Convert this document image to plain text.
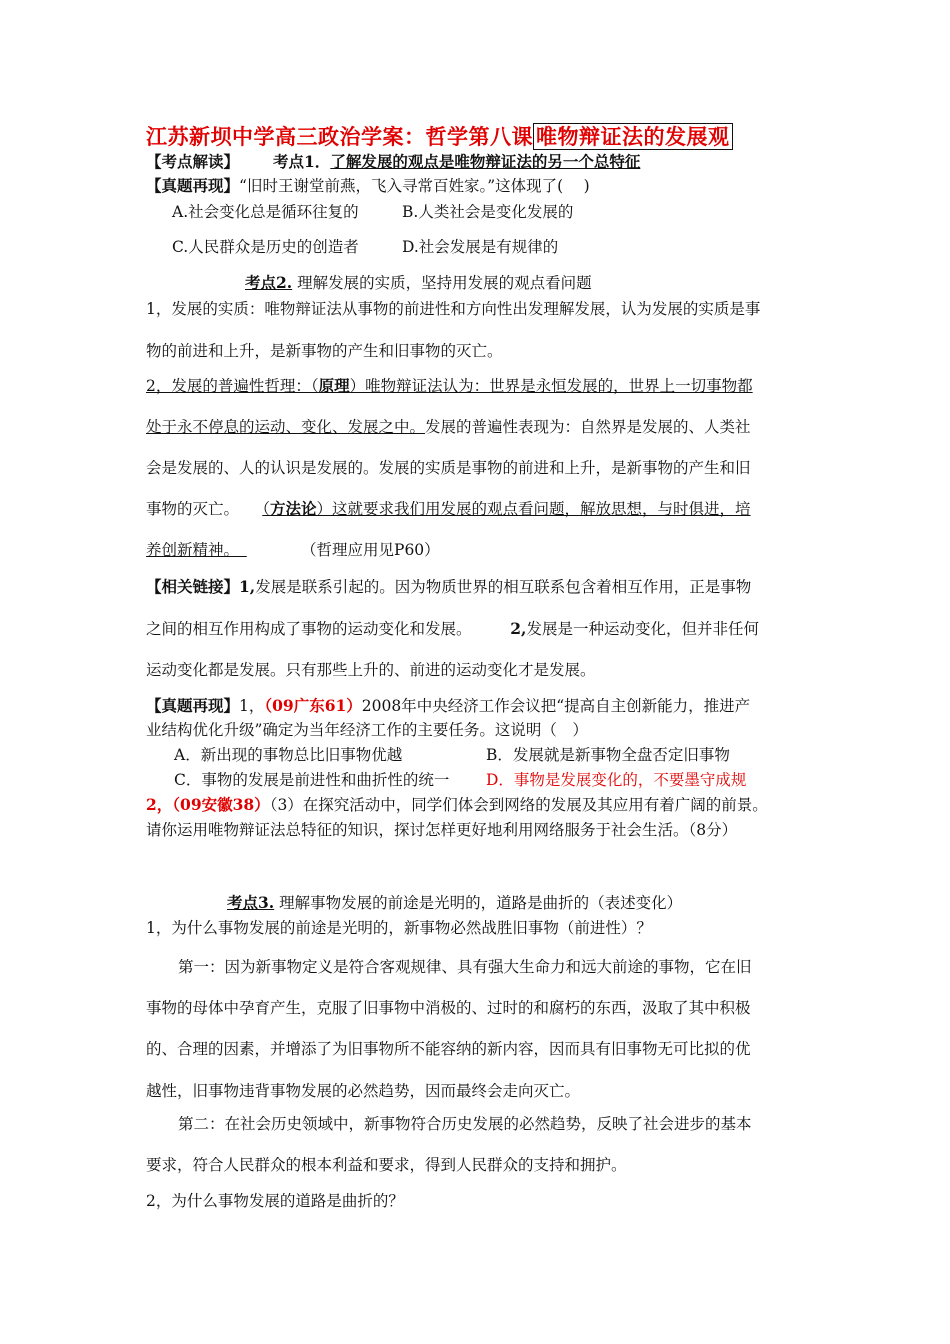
江苏新坝中学高三政治学案：哲学第八课 唯物辩证法的发展观
【考点解读】 考点1．了解发展的观点是唯物辩证法的另一个总特征
【真题再现】“旧时王谢堂前燕，飞入寻常百姓家。”这体现了(　 )
A.社会变化总是循环往复的	B.人类社会是变化发展的
C.人民群众是历史的创造者	D.社会发展是有规律的
考点2. 理解发展的实质，坚持用发展的观点看问题
1，发展的实质：唯物辩证法从事物的前进性和方向性出发理解发展，认为发展的实质是事
物的前进和上升，是新事物的产生和旧事物的灭亡。
2，发展的普遍性哲理：（原理）唯物辩证法认为：世界是永恒发展的，世界上一切事物都
处于永不停息的运动、变化、发展之中。发展的普遍性表现为：自然界是发展的、人类社
会是发展的、人的认识是发展的。发展的实质是事物的前进和上升，是新事物的产生和旧
事物的灭亡。　　（方法论）这就要求我们用发展的观点看问题，解放思想，与时俱进，培
养创新精神。　　　　　（哲理应用见P60）
【相关链接】1,发展是联系引起的。因为物质世界的相互联系包含着相互作用，正是事物
之间的相互作用构成了事物的运动变化和发展。　　　2,发展是一种运动变化，但并非任何
运动变化都是发展。只有那些上升的、前进的运动变化才是发展。
【真题再现】1，（09广东61）2008年中央经济工作会议把“提高自主创新能力，推进产
业结构优化升级”确定为当年经济工作的主要任务。这说明（　）
A．新出现的事物总比旧事物优越	B．发展就是新事物全盘否定旧事物
C．事物的发展是前进性和曲折性的统一 D．事物是发展变化的，不要墨守成规
2，（09安徽38）（3）在探究活动中，同学们体会到网络的发展及其应用有着广阔的前景。
请你运用唯物辩证法总特征的知识，探讨怎样更好地利用网络服务于社会生活。（8分）
考点3. 理解事物发展的前途是光明的，道路是曲折的（表述变化）
1，为什么事物发展的前途是光明的，新事物必然战胜旧事物（前进性）？
第一：因为新事物定义是符合客观规律、具有强大生命力和远大前途的事物，它在旧
事物的母体中孕育产生，克服了旧事物中消极的、过时的和腐朽的东西，汲取了其中积极
的、合理的因素，并增添了为旧事物所不能容纳的新内容，因而具有旧事物无可比拟的优
越性，旧事物违背事物发展的必然趋势，因而最终会走向灭亡。
第二：在社会历史领域中，新事物符合历史发展的必然趋势，反映了社会进步的基本
要求，符合人民群众的根本利益和要求，得到人民群众的支持和拥护。
2，为什么事物发展的道路是曲折的？
